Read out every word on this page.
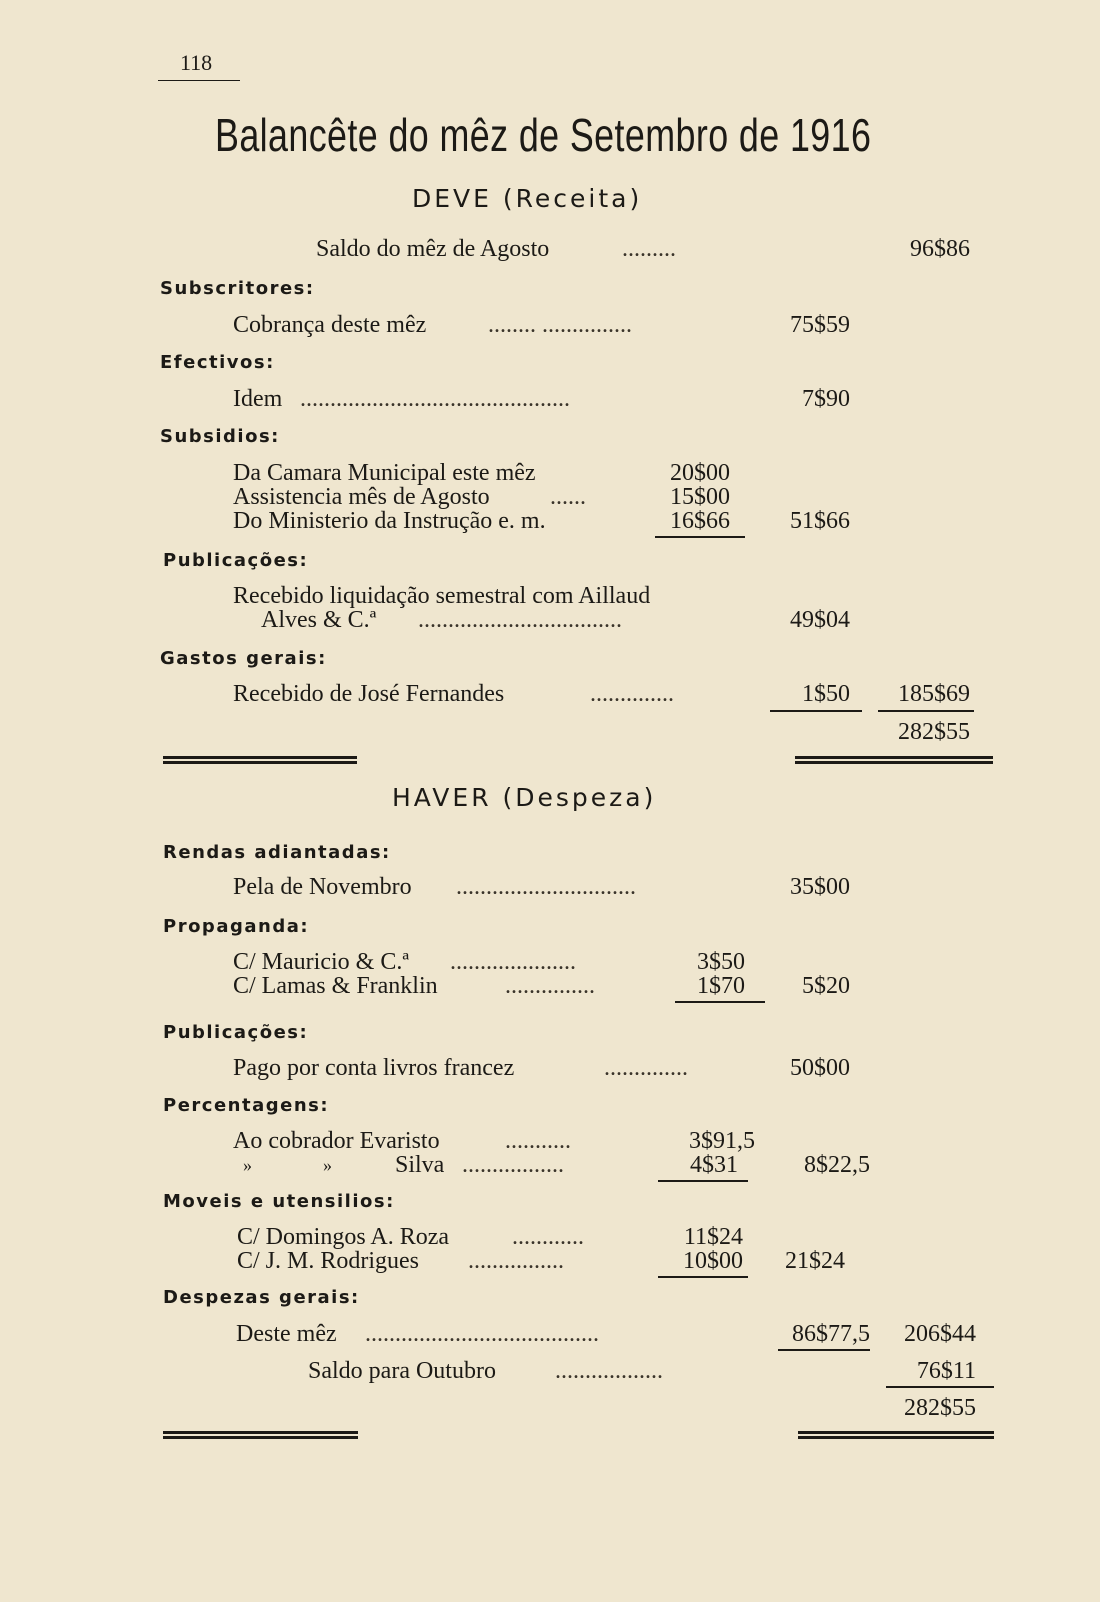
118
Balancête do mêz de Setembro de 1916
DEVE (Receita)
Saldo do mêz de Agosto	.........	96$86
Subscritores:
Cobrança deste mêz	........ ...............	75$59
Efectivos:
Idem .............................................	7$90
Subsidios:
Da Camara Municipal este mêz	20$00
Assistencia mês de Agosto	......	15$00
Do Ministerio da Instrução e. m.	16$66	51$66
Publicações:
Recebido liquidação semestral com Aillaud
Alves & C.ª ..................................	49$04
Gastos gerais:
Recebido de José Fernandes	..............	1$50	185$69
282$55
HAVER (Despeza)
Rendas adiantadas:
Pela de Novembro ..............................	35$00
Propaganda:
C/ Mauricio & C.ª .....................	3$50
C/ Lamas & Franklin	...............	1$70	5$20
Publicações:
Pago por conta livros francez	..............	50$00
Percentagens:
Ao cobrador Evaristo	...........	3$91,5
»	»	Silva .................	4$31	8$22,5
Moveis e utensilios:
C/ Domingos A. Roza	............	11$24
C/ J. M. Rodrigues ................	10$00	21$24
Despezas gerais:
Deste mêz .......................................	86$77,5	206$44
Saldo para Outubro ..................	76$11
282$55
